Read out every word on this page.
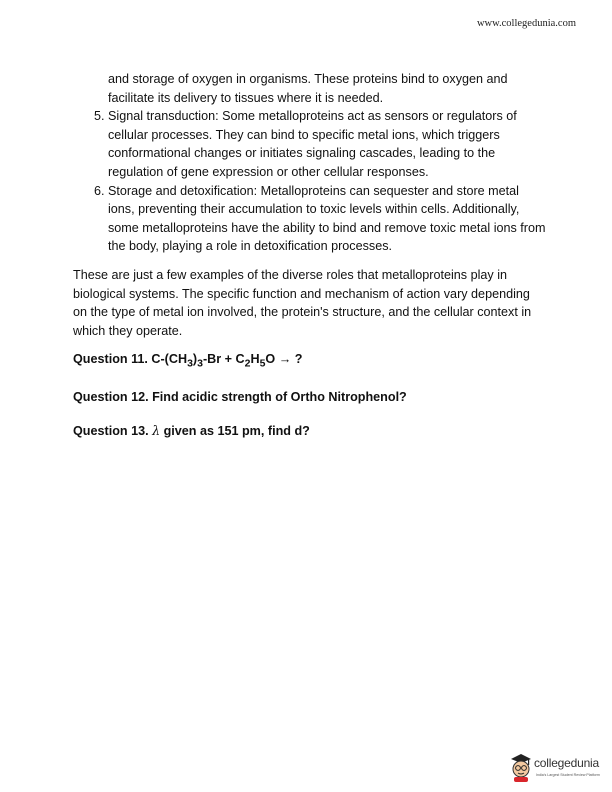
www.collegedunia.com

and storage of oxygen in organisms. These proteins bind to oxygen and facilitate its delivery to tissues where it is needed.

5. Signal transduction: Some metalloproteins act as sensors or regulators of cellular processes. They can bind to specific metal ions, which triggers conformational changes or initiates signaling cascades, leading to the regulation of gene expression or other cellular responses.
6. Storage and detoxification: Metalloproteins can sequester and store metal ions, preventing their accumulation to toxic levels within cells. Additionally, some metalloproteins have the ability to bind and remove toxic metal ions from the body, playing a role in detoxification processes.

These are just a few examples of the diverse roles that metalloproteins play in biological systems. The specific function and mechanism of action vary depending on the type of metal ion involved, the protein's structure, and the cellular context in which they operate.

Question 11. $C-(CH_3)_3-Br + C_2H_5O$ → ?

Question 12. Find acidic strength of Ortho Nitrophenol?

Question 13. λ given as 151 pm, find d?

collegedunia
India's Largest Student Review Platform
